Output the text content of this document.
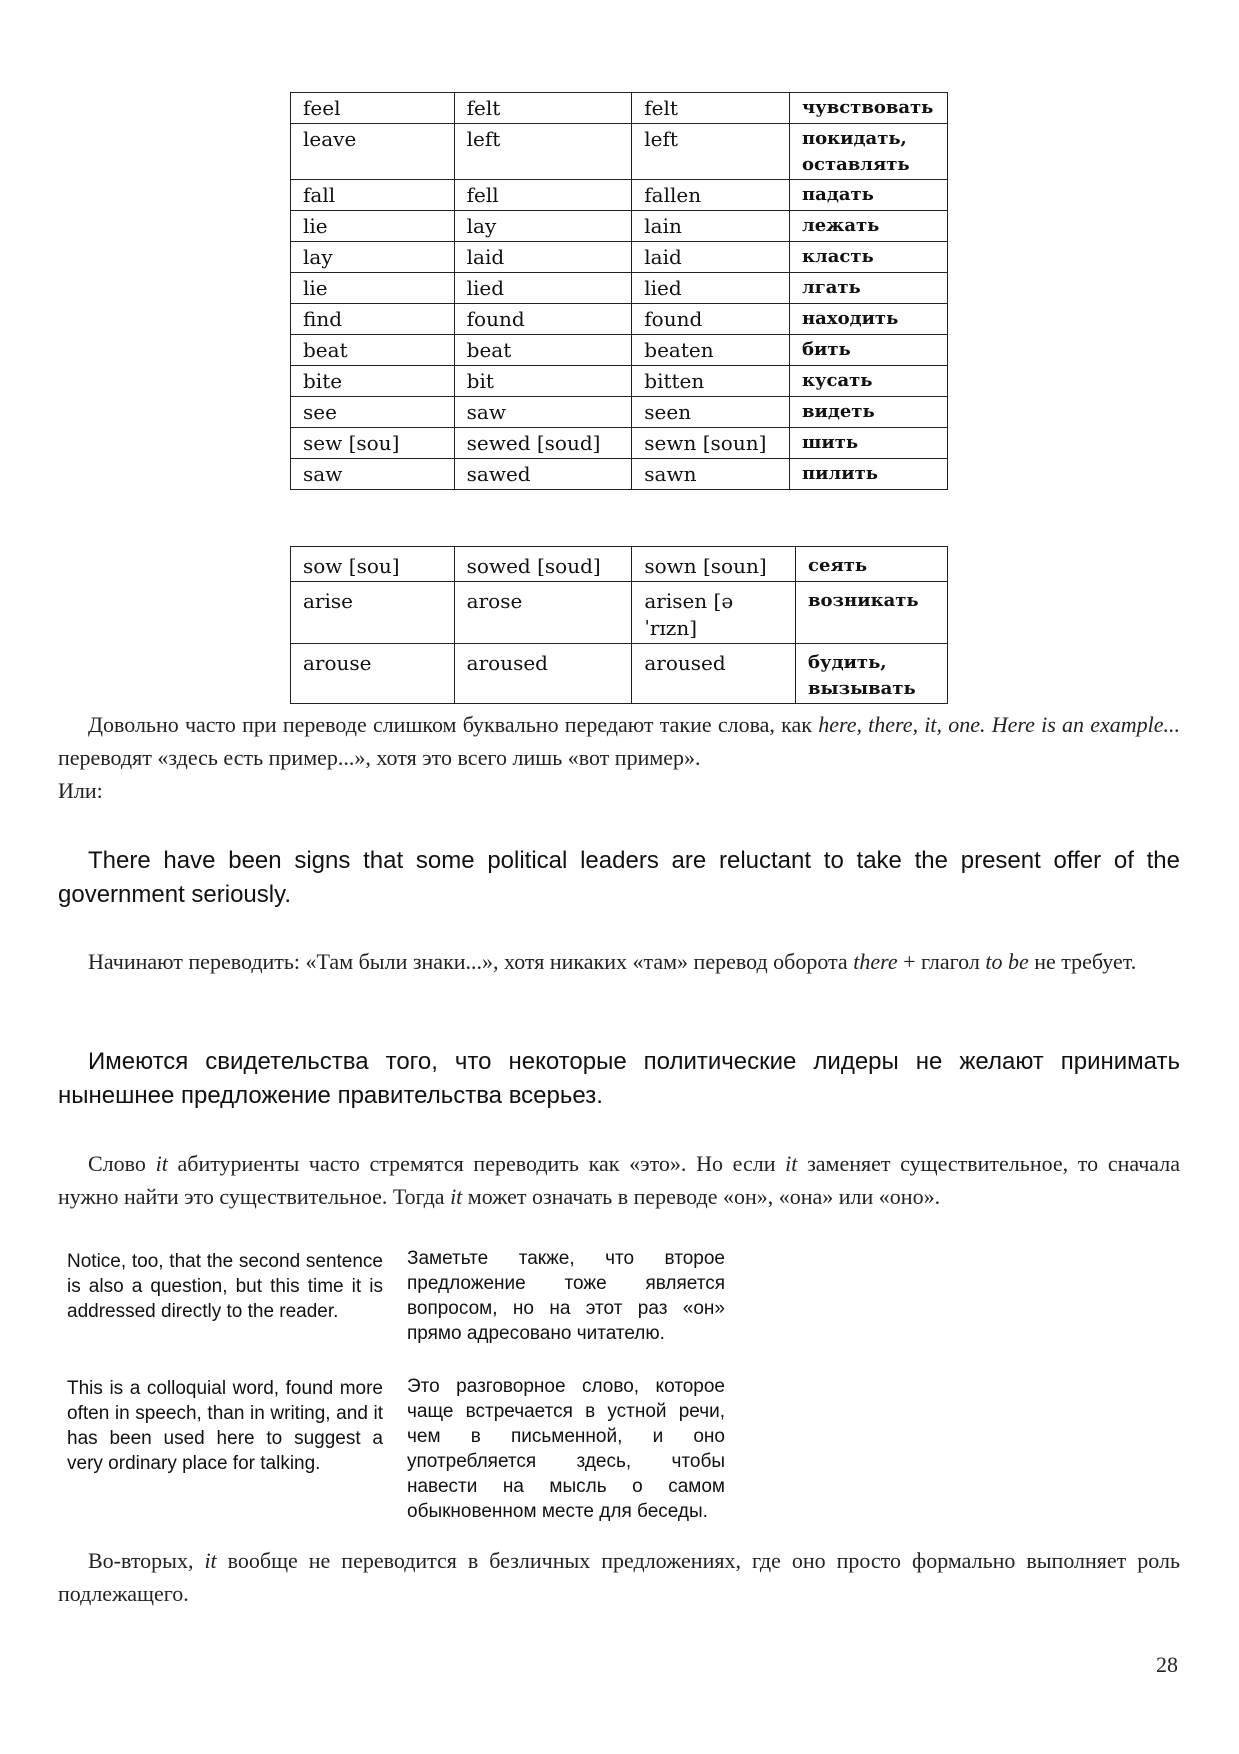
feel	felt	felt	чувствовать
leave	left	left	покидать, оставлять
fall	fell	fallen	падать
lie	lay	lain	лежать
lay	laid	laid	класть
lie	lied	lied	лгать
find	found	found	находить
beat	beat	beaten	бить
bite	bit	bitten	кусать
see	saw	seen	видеть
sew [sou]	sewed [soud]	sewn [soun]	шить
saw	sawed	sawn	пилить
sow [sou]	sowed [soud]	sown [soun]	сеять
arise	arose	arisen [əˈrɪzn]	возникать
arouse	aroused	aroused	будить, вызывать
Довольно часто при переводе слишком буквально передают такие слова, как here, there, it, one. Here is an example... переводят «здесь есть пример...», хотя это всего лишь «вот пример».
Или:
There have been signs that some political leaders are reluctant to take the present offer of the government seriously.
Начинают переводить: «Там были знаки...», хотя никаких «там» перевод оборота there + глагол to be не требует.
Имеются свидетельства того, что некоторые политические лидеры не желают принимать нынешнее предложение правительства всерьез.
Слово it абитуриенты часто стремятся переводить как «это». Но если it заменяет существительное, то сначала нужно найти это существительное. Тогда it может означать в переводе «он», «она» или «оно».
Notice, too, that the second sentence is also a question, but this time it is addressed directly to the reader.
Заметьте также, что второе предложение тоже является вопросом, но на этот раз «он» прямо адресовано читателю.
This is a colloquial word, found more often in speech, than in writing, and it has been used here to suggest a very ordinary place for talking.
Это разговорное слово, которое чаще встречается в устной речи, чем в письменной, и оно употребляется здесь, чтобы навести на мысль о самом обыкновенном месте для беседы.
Во-вторых, it вообще не переводится в безличных предложениях, где оно просто формально выполняет роль подлежащего.
28
